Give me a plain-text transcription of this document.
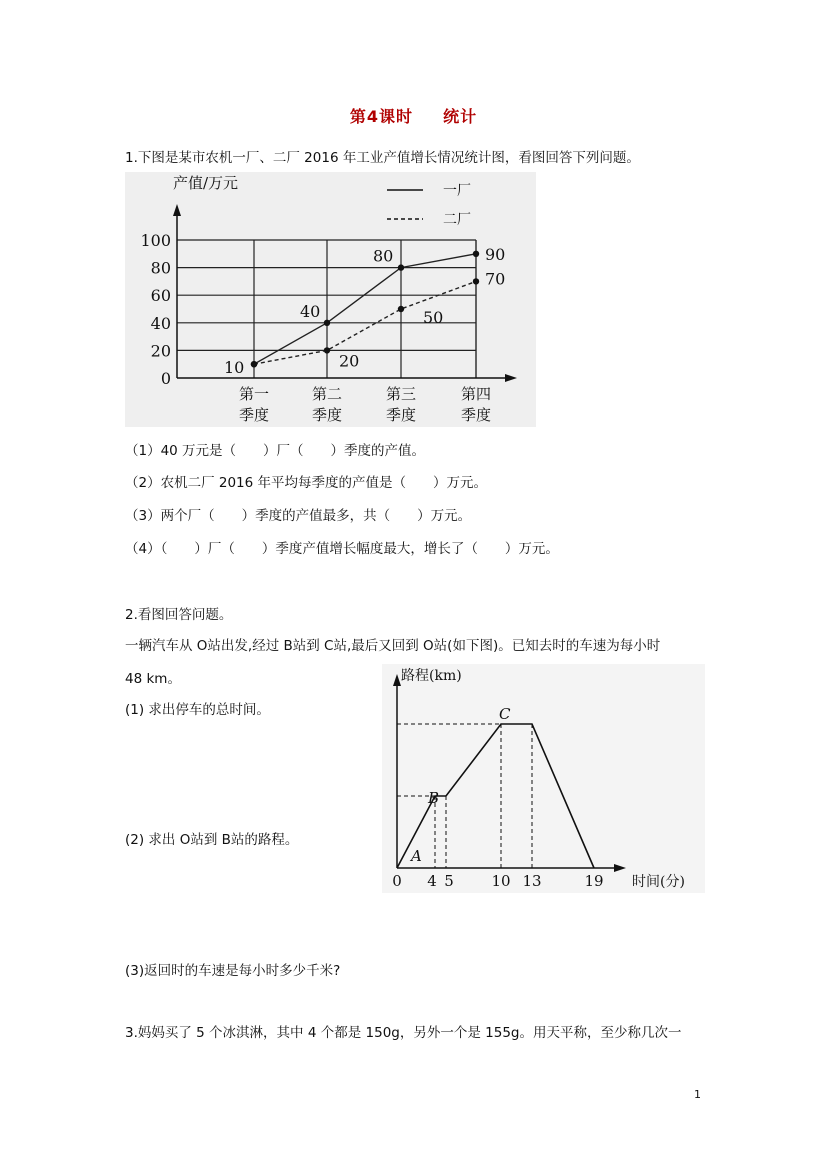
第4课时 统计
1.下图是某市农机一厂、二厂 2016 年工业产值增长情况统计图，看图回答下列问题。
0
20
40
60
80
100
产值/万元	一厂
二厂
第一
季度
第二
季度
第三
季度
第四
季度
10
40
80	90
20
50
70
（1）40 万元是（　　）厂（　　）季度的产值。
（2）农机二厂 2016 年平均每季度的产值是（　　）万元。
（3）两个厂（　　）季度的产值最多，共（　　）万元。
（4）（　　）厂（　　）季度产值增长幅度最大，增长了（　　）万元。
2.看图回答问题。
一辆汽车从 O站出发,经过 B站到 C站,最后又回到 O站(如下图)。已知去时的车速为每小时
48 km。
(1) 求出停车的总时间。
(2) 求出 O站到 B站的路程。
路程(km)
时间(分)
0 4 5	10 13	19
A
B
C
(3)返回时的车速是每小时多少千米?
3.妈妈买了 5 个冰淇淋，其中 4 个都是 150g，另外一个是 155g。用天平称，至少称几次一
1
